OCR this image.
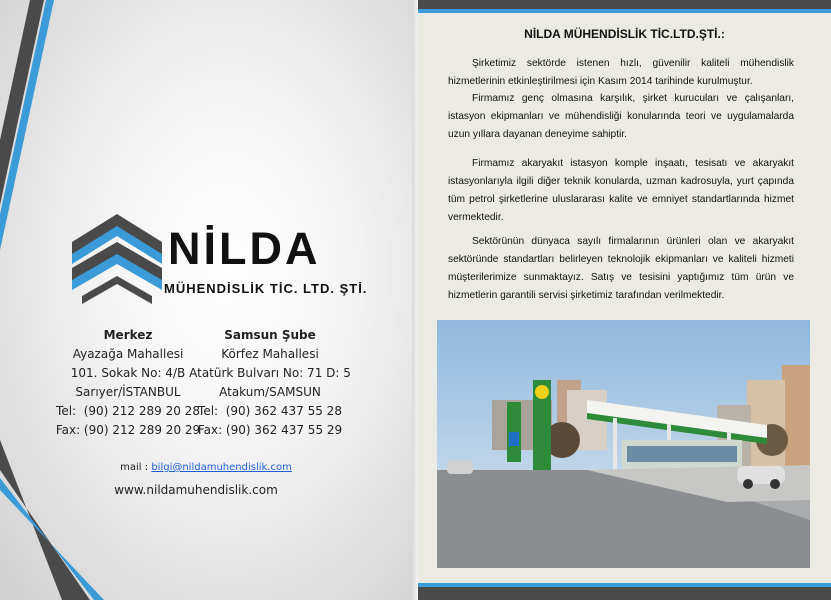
NİLDA
MÜHENDİSLİK TİC. LTD. ŞTİ.
Merkez
Ayazağa Mahallesi
101. Sokak No: 4/B
Sarıyer/İSTANBUL
Tel:  (90) 212 289 20 28
Fax: (90) 212 289 20 29
Samsun Şube
Körfez Mahallesi
Atatürk Bulvarı No: 71 D: 5
Atakum/SAMSUN
Tel:  (90) 362 437 55 28
Fax: (90) 362 437 55 29
mail : bilgi@nildamuhendislik.com
www.nildamuhendislik.com
NİLDA MÜHENDİSLİK TİC.LTD.ŞTİ.:

Şirketimiz sektörde istenen hızlı, güvenilir kaliteli mühendislik hizmetlerinin etkinleştirilmesi için Kasım 2014 tarihinde kurulmuştur.

Firmamız genç olmasına karşılık, şirket kurucuları ve çalışanları, istasyon ekipmanları ve mühendisliği konularında teori ve uygulamalarda uzun yıllara dayanan deneyime sahiptir.

Firmamız akaryakıt istasyon komple inşaatı, tesisatı ve akaryakıt istasyonlarıyla ilgili diğer teknik konularda, uzman kadrosuyla, yurt çapında tüm petrol şirketlerine uluslararası kalite ve emniyet standartlarında hizmet vermektedir.

Sektörünün dünyaca sayılı firmalarının ürünleri olan ve akaryakıt sektöründe standartları belirleyen teknolojik ekipmanları ve kaliteli hizmeti müşterilerimize sunmaktayız. Satış ve tesisini yaptığımız tüm ürün ve hizmetlerin garantili servisi şirketimiz tarafından verilmektedir.
